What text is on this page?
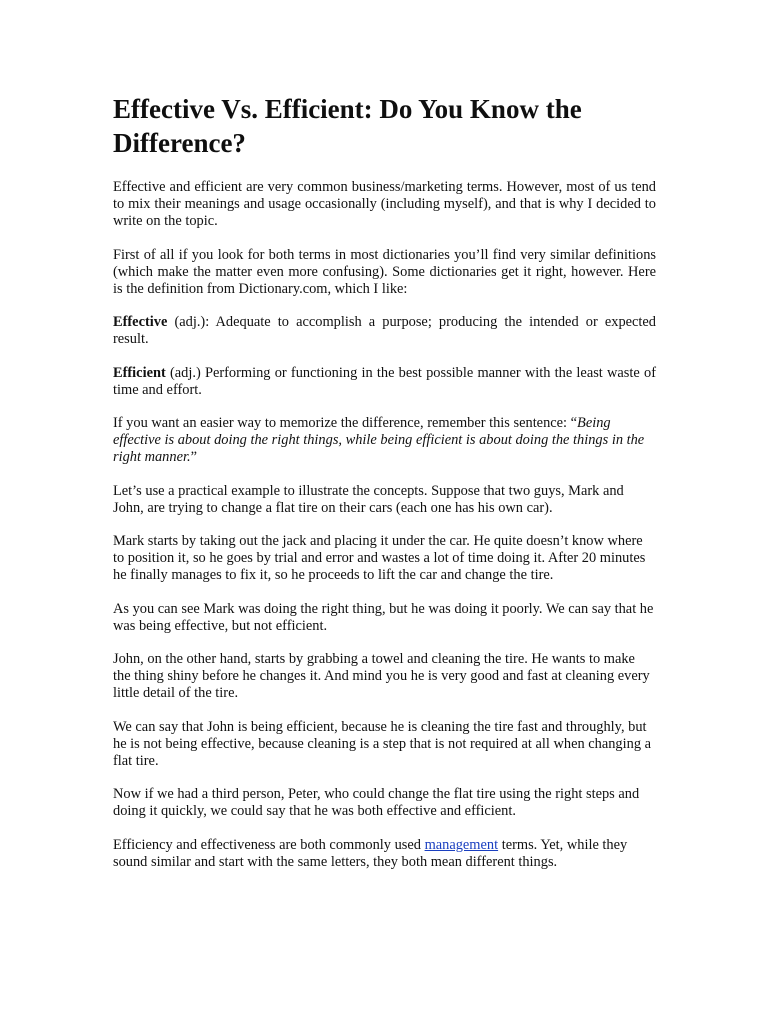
Effective Vs. Efficient: Do You Know the Difference?

Effective and efficient are very common business/marketing terms. However, most of us tend to mix their meanings and usage occasionally (including myself), and that is why I decided to write on the topic.

First of all if you look for both terms in most dictionaries you’ll find very similar definitions (which make the matter even more confusing). Some dictionaries get it right, however. Here is the definition from Dictionary.com, which I like:

Effective (adj.): Adequate to accomplish a purpose; producing the intended or expected result.

Efficient (adj.) Performing or functioning in the best possible manner with the least waste of time and effort.

If you want an easier way to memorize the difference, remember this sentence: “Being effective is about doing the right things, while being efficient is about doing the things in the right manner.”

Let’s use a practical example to illustrate the concepts. Suppose that two guys, Mark and John, are trying to change a flat tire on their cars (each one has his own car).

Mark starts by taking out the jack and placing it under the car. He quite doesn’t know where to position it, so he goes by trial and error and wastes a lot of time doing it. After 20 minutes he finally manages to fix it, so he proceeds to lift the car and change the tire.

As you can see Mark was doing the right thing, but he was doing it poorly. We can say that he was being effective, but not efficient.

John, on the other hand, starts by grabbing a towel and cleaning the tire. He wants to make the thing shiny before he changes it. And mind you he is very good and fast at cleaning every little detail of the tire.

We can say that John is being efficient, because he is cleaning the tire fast and throughly, but he is not being effective, because cleaning is a step that is not required at all when changing a flat tire.

Now if we had a third person, Peter, who could change the flat tire using the right steps and doing it quickly, we could say that he was both effective and efficient.

Efficiency and effectiveness are both commonly used management terms. Yet, while they sound similar and start with the same letters, they both mean different things.
